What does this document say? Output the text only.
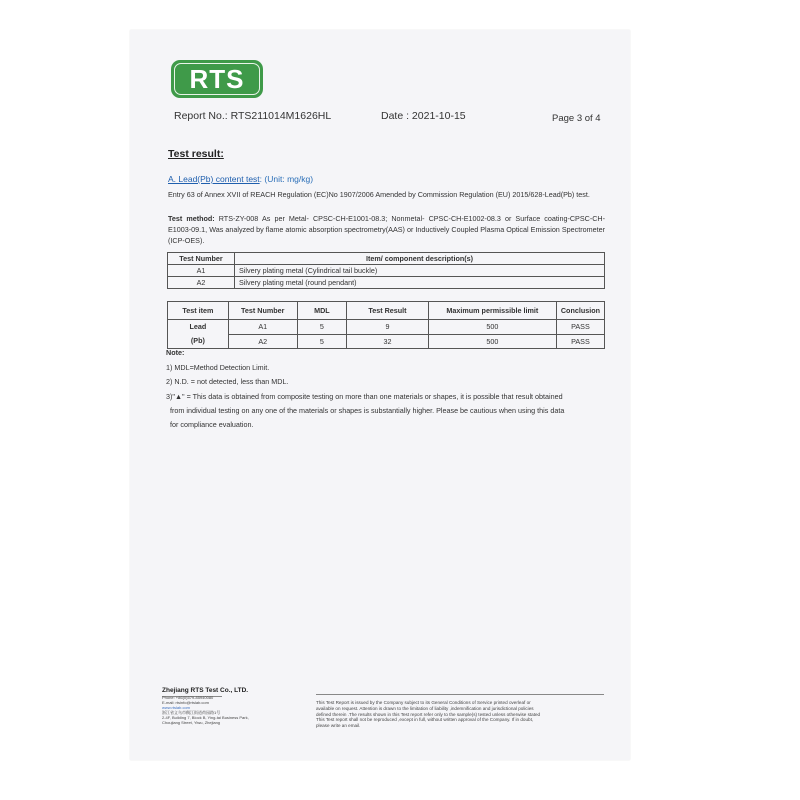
RTS
Report No.: RTS211014M1626HL	Date : 2021-10-15	Page 3 of 4
Test result:
A. Lead(Pb) content test: (Unit: mg/kg)
Entry 63 of Annex XVII of REACH Regulation (EC)No 1907/2006 Amended by Commission Regulation (EU) 2015/628-Lead(Pb) test.
Test method: RTS-ZY-008 As per Metal- CPSC-CH-E1001-08.3; Nonmetal- CPSC-CH-E1002-08.3 or Surface coating-CPSC-CH-E1003-09.1, Was analyzed by flame atomic absorption spectrometry(AAS) or Inductively Coupled Plasma Optical Emission Spectrometer (ICP-OES).
Test Number	Item/ component description(s)
A1	Silvery plating metal (Cylindrical tail buckle)
A2	Silvery plating metal (round pendant)
Test item	Test Number	MDL	Test Result	Maximum permissible limit	Conclusion

Lead
(Pb)	A1	5	9	500	PASS
	A2	5	32	500	PASS
Note:
1) MDL=Method Detection Limit.
2) N.D. = not detected, less than MDL.
3)"▲" = This data is obtained from composite testing on more than one materials or shapes, it is possible that result obtained
from individual testing on any one of the materials or shapes is substantially higher. Please be cautious when using this data
for compliance evaluation.
Zhejiang RTS Test Co., LTD.
Phone: +86(0)579-85940080
E-mail: rtsinfo@rtslab.com
www.rtslab.com
浙江省义乌市稠江街道荷园路1号
2-4F, Building 7, Block B, Ying-tai Business Park,
Choujiang Street, Yiwu, Zhejiang
This Test Report is issued by the Company subject to its General Conditions of Service printed overleaf or
available on request. Attention is drawn to the limitation of liability ,indemnification and jurisdictional policies
defined therein .The results shown in this Test report refer only to the sample(s) tested unless otherwise stated
This Test report shall not be reproduced ,except in full, without written approval of the Company. If in doubt,
please write an email.
